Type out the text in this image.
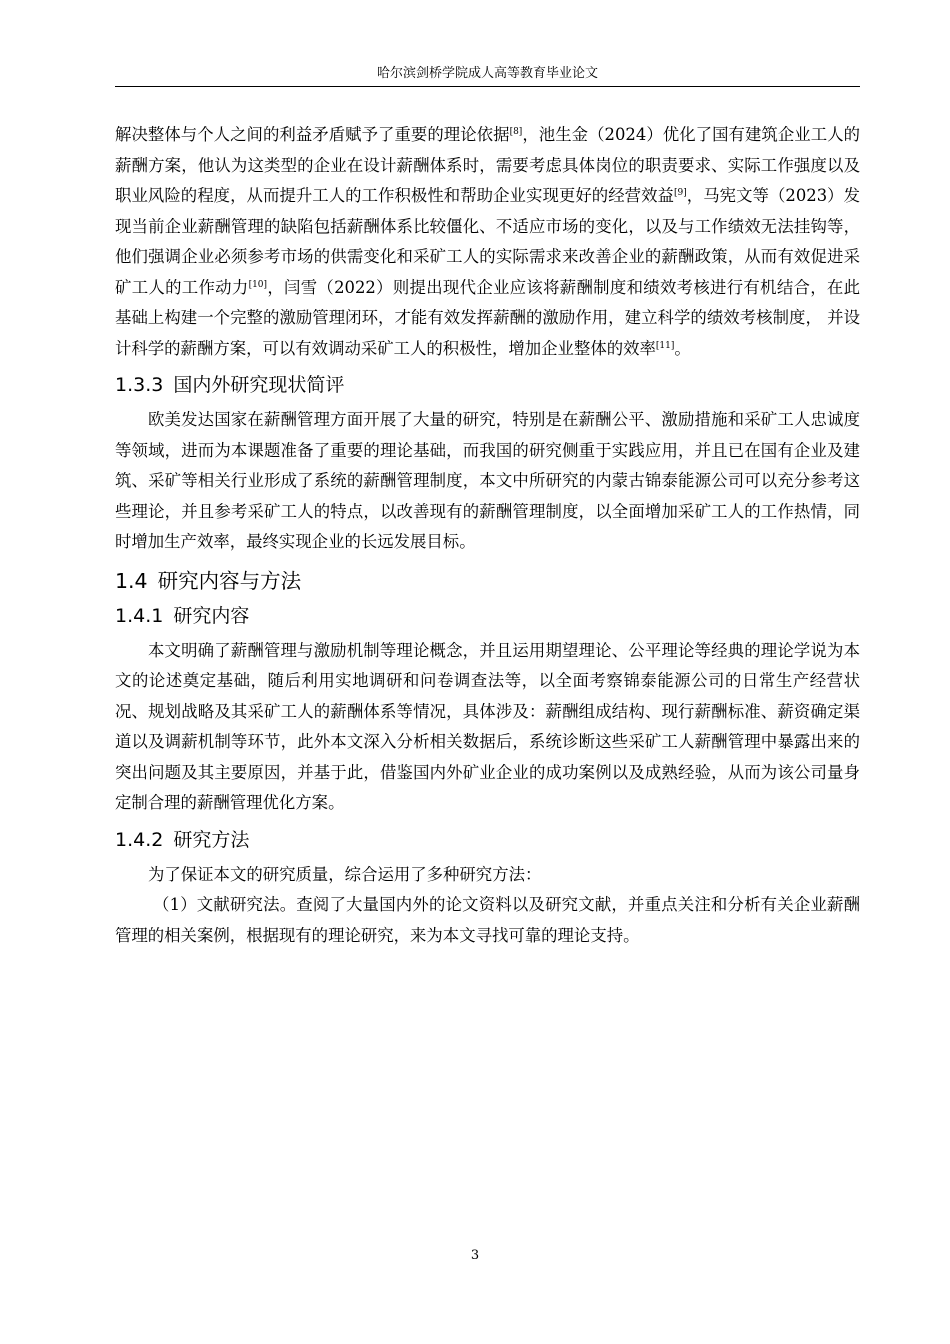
哈尔滨剑桥学院成人高等教育毕业论文

解决整体与个人之间的利益矛盾赋予了重要的理论依据[8]，池生金（2024）优化了国有建筑企业工人的薪酬方案，他认为这类型的企业在设计薪酬体系时，需要考虑具体岗位的职责要求、实际工作强度以及职业风险的程度，从而提升工人的工作积极性和帮助企业实现更好的经营效益[9]，马宪文等（2023）发现当前企业薪酬管理的缺陷包括薪酬体系比较僵化、不适应市场的变化，以及与工作绩效无法挂钩等，他们强调企业必须参考市场的供需变化和采矿工人的实际需求来改善企业的薪酬政策，从而有效促进采矿工人的工作动力[10]，闫雪（2022）则提出现代企业应该将薪酬制度和绩效考核进行有机结合，在此基础上构建一个完整的激励管理闭环，才能有效发挥薪酬的激励作用，建立科学的绩效考核制度， 并设计科学的薪酬方案，可以有效调动采矿工人的积极性，增加企业整体的效率[11]。

1.3.3 国内外研究现状简评

欧美发达国家在薪酬管理方面开展了大量的研究，特别是在薪酬公平、激励措施和采矿工人忠诚度等领域，进而为本课题准备了重要的理论基础，而我国的研究侧重于实践应用，并且已在国有企业及建筑、采矿等相关行业形成了系统的薪酬管理制度，本文中所研究的内蒙古锦泰能源公司可以充分参考这些理论，并且参考采矿工人的特点，以改善现有的薪酬管理制度，以全面增加采矿工人的工作热情，同时增加生产效率，最终实现企业的长远发展目标。

1.4 研究内容与方法
1.4.1 研究内容

本文明确了薪酬管理与激励机制等理论概念，并且运用期望理论、公平理论等经典的理论学说为本文的论述奠定基础，随后利用实地调研和问卷调查法等，以全面考察锦泰能源公司的日常生产经营状况、规划战略及其采矿工人的薪酬体系等情况，具体涉及：薪酬组成结构、现行薪酬标准、薪资确定渠道以及调薪机制等环节，此外本文深入分析相关数据后，系统诊断这些采矿工人薪酬管理中暴露出来的突出问题及其主要原因，并基于此，借鉴国内外矿业企业的成功案例以及成熟经验，从而为该公司量身定制合理的薪酬管理优化方案。

1.4.2 研究方法

为了保证本文的研究质量，综合运用了多种研究方法：

（1）文献研究法。查阅了大量国内外的论文资料以及研究文献，并重点关注和分析有关企业薪酬管理的相关案例，根据现有的理论研究，来为本文寻找可靠的理论支持。

3
